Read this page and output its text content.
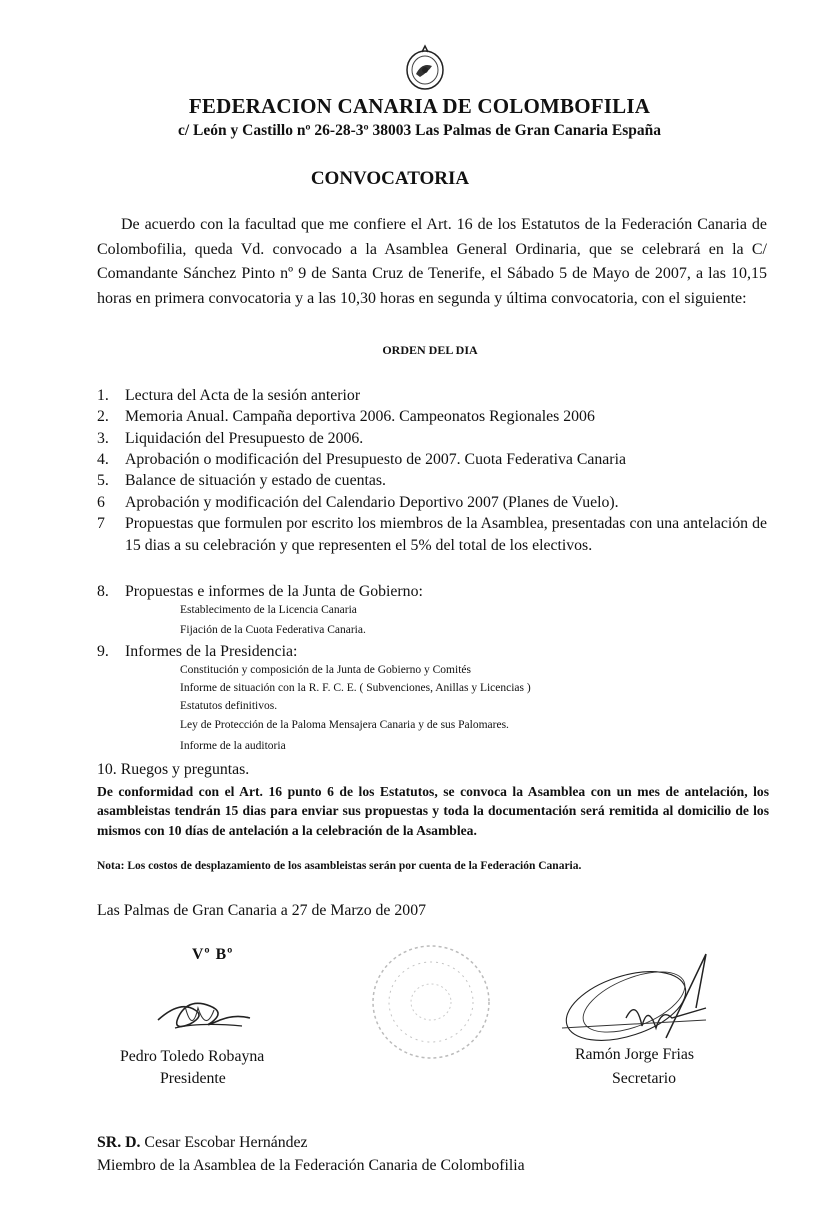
FEDERACION CANARIA DE COLOMBOFILIA
c/ León y Castillo nº 26-28-3º 38003 Las Palmas de Gran Canaria España
CONVOCATORIA
De acuerdo con la facultad que me confiere el Art. 16 de los Estatutos de la Federación Canaria de Colombofilia, queda Vd. convocado a la Asamblea General Ordinaria, que se celebrará en la C/ Comandante Sánchez Pinto nº 9 de Santa Cruz de Tenerife, el Sábado 5 de Mayo de 2007, a las 10,15 horas en primera convocatoria y a las 10,30 horas en segunda y última convocatoria, con el siguiente:
ORDEN DEL DIA
1. Lectura del Acta de la sesión anterior
2. Memoria Anual. Campaña deportiva 2006. Campeonatos Regionales 2006
3. Liquidación del Presupuesto de 2006.
4. Aprobación o modificación del Presupuesto de 2007. Cuota Federativa Canaria
5. Balance de situación y estado de cuentas.
6 Aprobación y modificación del Calendario Deportivo 2007 (Planes de Vuelo).
7 Propuestas que formulen por escrito los miembros de la Asamblea, presentadas con una antelación de 15 dias a su celebración y que representen el 5% del total de los electivos.
8. Propuestas e informes de la Junta de Gobierno:
Establecimento de la Licencia Canaria
Fijación de la Cuota Federativa Canaria.
9. Informes de la Presidencia:
Constitución y composición de la Junta de Gobierno y Comités
Informe de situación con la R. F. C. E. ( Subvenciones, Anillas y Licencias )
Estatutos definitivos.
Ley de Protección de la Paloma Mensajera Canaria y de sus Palomares.
Informe de la auditoria
10. Ruegos y preguntas.
De conformidad con el Art. 16 punto 6 de los Estatutos, se convoca la Asamblea con un mes de antelación, los asambleistas tendrán 15 dias para enviar sus propuestas y toda la documentación será remitida al domicilio de los mismos con 10 días de antelación a la celebración de la Asamblea.
Nota: Los costos de desplazamiento de los asambleistas serán por cuenta de la Federación Canaria.
Las Palmas de Gran Canaria a 27 de Marzo de 2007
Vº Bº
Pedro Toledo Robayna
Presidente
Ramón Jorge Frias
Secretario
SR. D. Cesar Escobar Hernández
Miembro de la Asamblea de la Federación Canaria de Colombofilia
